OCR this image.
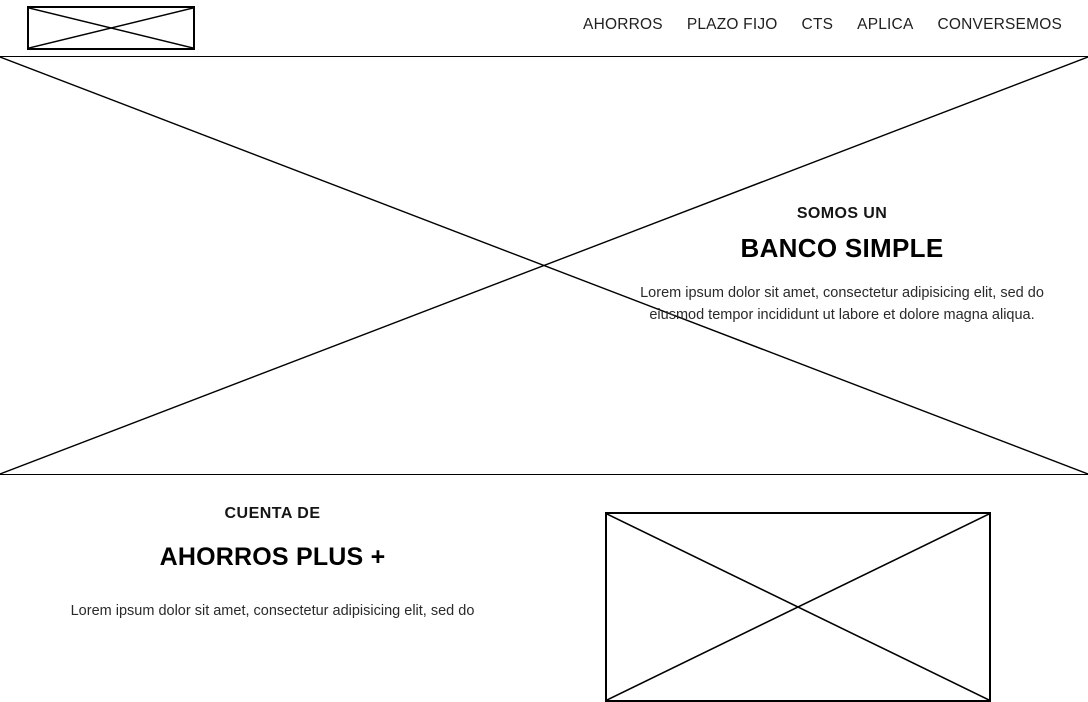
AHORROS	PLAZO FIJO	CTS	APLICA	CONVERSEMOS

SOMOS UN

BANCO SIMPLE

Lorem ipsum dolor sit amet, consectetur adipisicing elit, sed do eiusmod tempor incididunt ut labore et dolore magna aliqua.

CUENTA DE

AHORROS PLUS +

Lorem ipsum dolor sit amet, consectetur adipisicing elit, sed do
